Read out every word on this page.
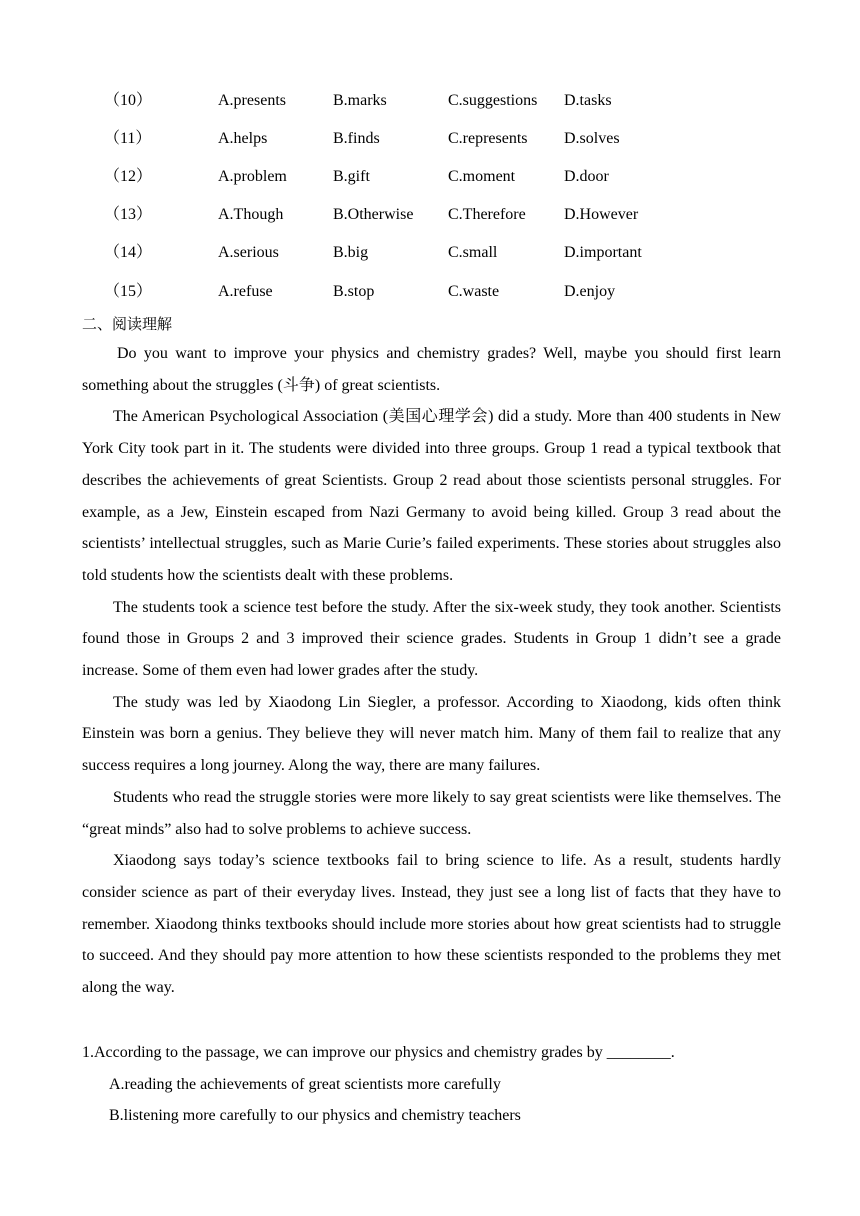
（10）	A.presents	B.marks	C.suggestions D.tasks
（11）	A.helps	B.finds	C.represents D.solves
（12）	A.problem	B.gift	C.moment	D.door
（13）	A.Though	B.Otherwise C.Therefore D.However
（14）	A.serious	B.big	C.small	D.important
（15）	A.refuse	B.stop	C.waste	D.enjoy
二、阅读理解

Do you want to improve your physics and chemistry grades? Well, maybe you should first learn something about the struggles (斗争) of great scientists.

The American Psychological Association (美国心理学会) did a study. More than 400 students in New York City took part in it. The students were divided into three groups. Group 1 read a typical textbook that describes the achievements of great Scientists. Group 2 read about those scientists personal struggles. For example, as a Jew, Einstein escaped from Nazi Germany to avoid being killed. Group 3 read about the scientists’ intellectual struggles, such as Marie Curie’s failed experiments. These stories about struggles also told students how the scientists dealt with these problems.

The students took a science test before the study. After the six-week study, they took another. Scientists found those in Groups 2 and 3 improved their science grades. Students in Group 1 didn’t see a grade increase. Some of them even had lower grades after the study.

The study was led by Xiaodong Lin Siegler, a professor. According to Xiaodong, kids often think Einstein was born a genius. They believe they will never match him. Many of them fail to realize that any success requires a long journey. Along the way, there are many failures.

Students who read the struggle stories were more likely to say great scientists were like themselves. The “great minds” also had to solve problems to achieve success.

Xiaodong says today’s science textbooks fail to bring science to life. As a result, students hardly consider science as part of their everyday lives. Instead, they just see a long list of facts that they have to remember. Xiaodong thinks textbooks should include more stories about how great scientists had to struggle to succeed. And they should pay more attention to how these scientists responded to the problems they met along the way.

1.According to the passage, we can improve our physics and chemistry grades by ________.

A.reading the achievements of great scientists more carefully

B.listening more carefully to our physics and chemistry teachers
